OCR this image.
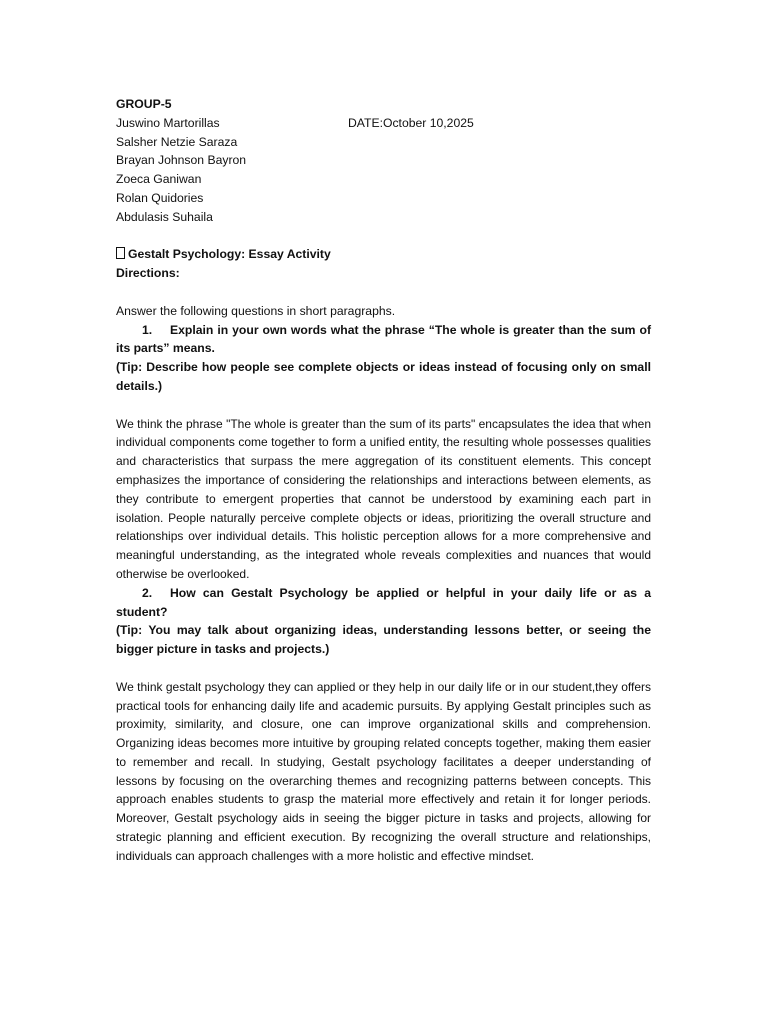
GROUP-5
Juswino Martorillas	DATE:October 10,2025
Salsher Netzie Saraza
Brayan Johnson Bayron
Zoeca Ganiwan
Rolan Quidories
Abdulasis Suhaila
Gestalt Psychology: Essay Activity
Directions:
Answer the following questions in short paragraphs.

1. Explain in your own words what the phrase “The whole is greater than the sum of its parts” means.

(Tip: Describe how people see complete objects or ideas instead of focusing only on small details.)

We think the phrase "The whole is greater than the sum of its parts" encapsulates the idea that when individual components come together to form a unified entity, the resulting whole possesses qualities and characteristics that surpass the mere aggregation of its constituent elements. This concept emphasizes the importance of considering the relationships and interactions between elements, as they contribute to emergent properties that cannot be understood by examining each part in isolation. People naturally perceive complete objects or ideas, prioritizing the overall structure and relationships over individual details. This holistic perception allows for a more comprehensive and meaningful understanding, as the integrated whole reveals complexities and nuances that would otherwise be overlooked.

2. How can Gestalt Psychology be applied or helpful in your daily life or as a student?

(Tip: You may talk about organizing ideas, understanding lessons better, or seeing the bigger picture in tasks and projects.)

We think gestalt psychology they can applied or they help in our daily life or in our student,they offers practical tools for enhancing daily life and academic pursuits. By applying Gestalt principles such as proximity, similarity, and closure, one can improve organizational skills and comprehension. Organizing ideas becomes more intuitive by grouping related concepts together, making them easier to remember and recall. In studying, Gestalt psychology facilitates a deeper understanding of lessons by focusing on the overarching themes and recognizing patterns between concepts. This approach enables students to grasp the material more effectively and retain it for longer periods. Moreover, Gestalt psychology aids in seeing the bigger picture in tasks and projects, allowing for strategic planning and efficient execution. By recognizing the overall structure and relationships, individuals can approach challenges with a more holistic and effective mindset.
